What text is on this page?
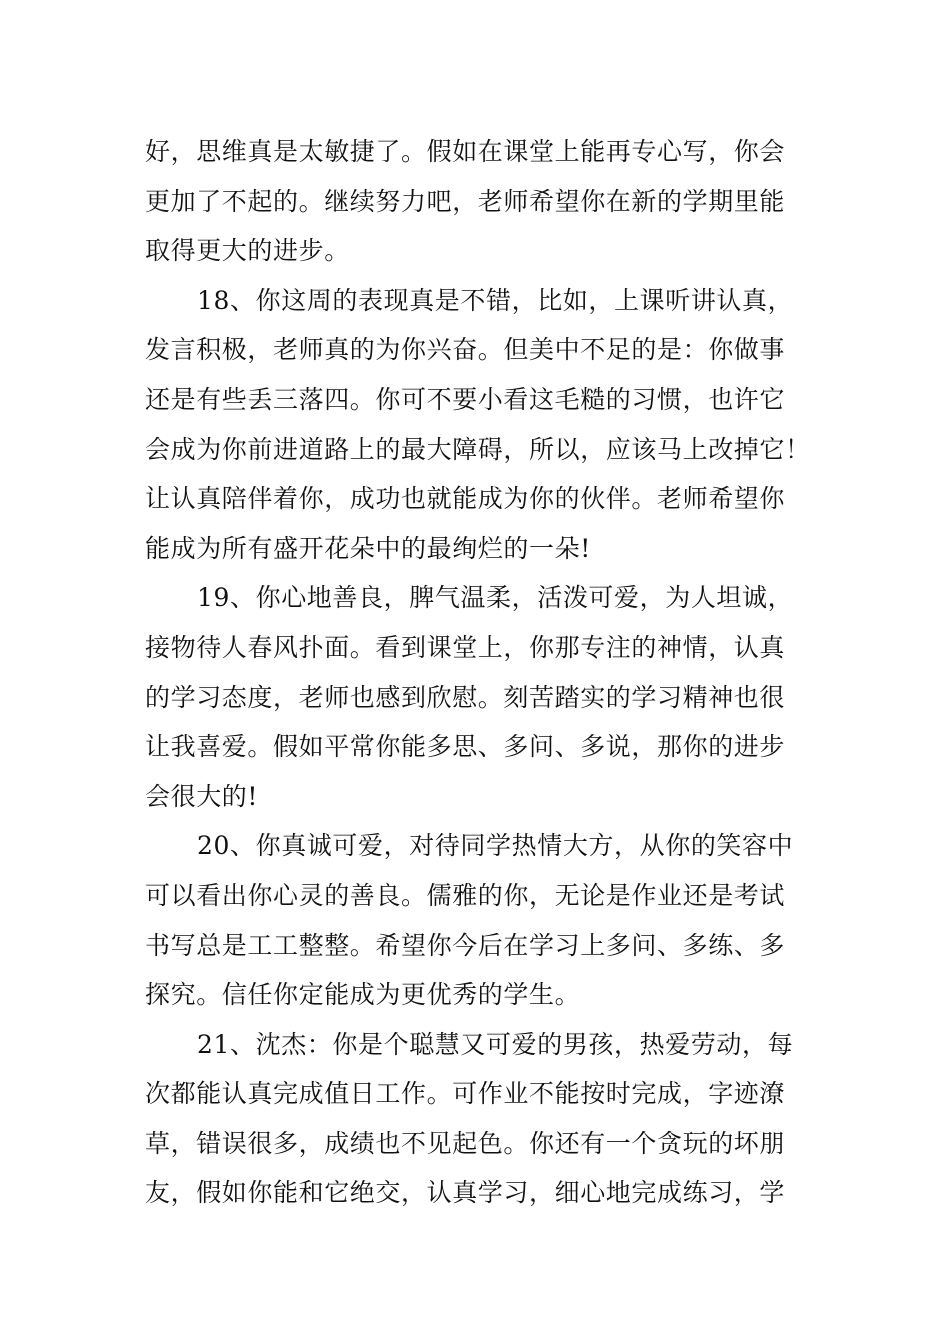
好，思维真是太敏捷了。假如在课堂上能再专心写，你会
更加了不起的。继续努力吧，老师希望你在新的学期里能
取得更大的进步。
18、你这周的表现真是不错，比如，上课听讲认真，
发言积极，老师真的为你兴奋。但美中不足的是：你做事
还是有些丢三落四。你可不要小看这毛糙的习惯，也许它
会成为你前进道路上的最大障碍，所以，应该马上改掉它！
让认真陪伴着你，成功也就能成为你的伙伴。老师希望你
能成为所有盛开花朵中的最绚烂的一朵!
19、你心地善良，脾气温柔，活泼可爱，为人坦诚，
接物待人春风扑面。看到课堂上，你那专注的神情，认真
的学习态度，老师也感到欣慰。刻苦踏实的学习精神也很
让我喜爱。假如平常你能多思、多问、多说，那你的进步
会很大的!
20、你真诚可爱，对待同学热情大方，从你的笑容中
可以看出你心灵的善良。儒雅的你，无论是作业还是考试
书写总是工工整整。希望你今后在学习上多问、多练、多
探究。信任你定能成为更优秀的学生。
21、沈杰：你是个聪慧又可爱的男孩，热爱劳动，每
次都能认真完成值日工作。可作业不能按时完成，字迹潦
草，错误很多，成绩也不见起色。你还有一个贪玩的坏朋
友，假如你能和它绝交，认真学习，细心地完成练习，学
